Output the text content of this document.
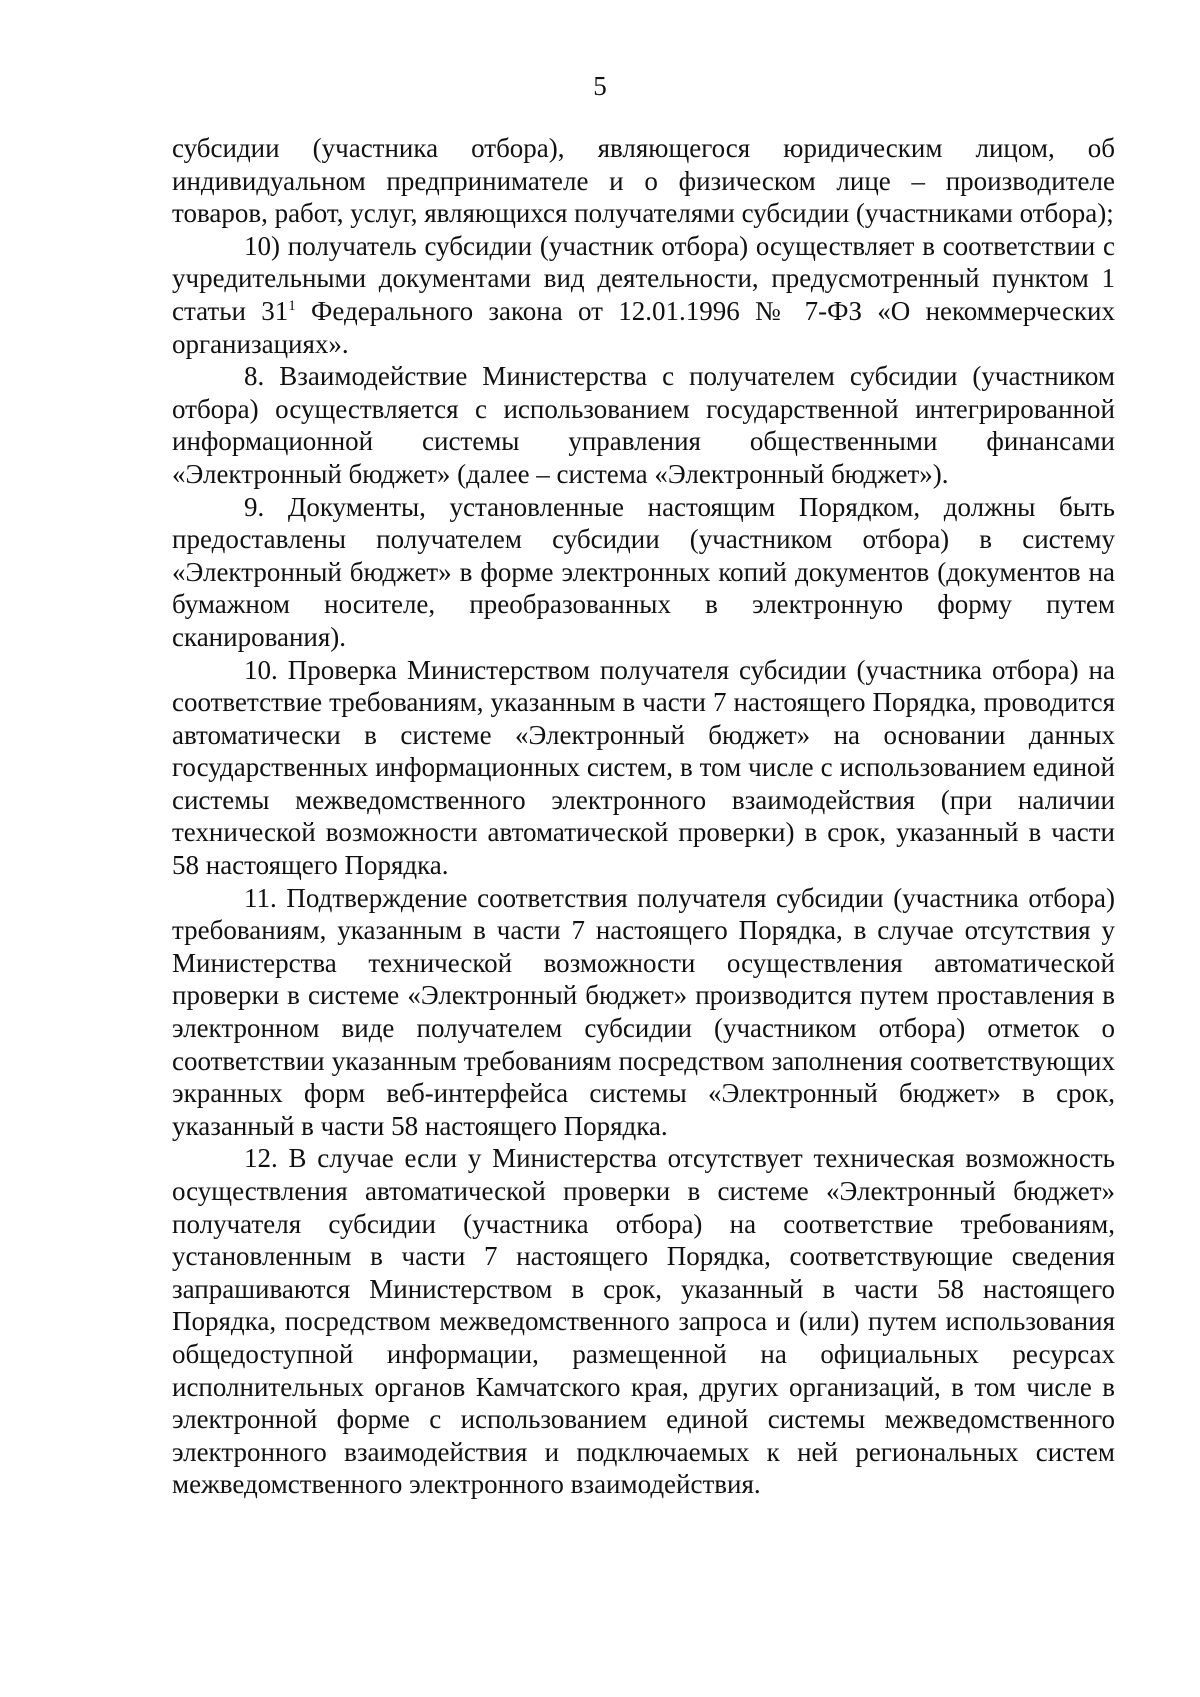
5

субсидии (участника отбора), являющегося юридическим лицом, об индивидуальном предпринимателе и о физическом лице – производителе товаров, работ, услуг, являющихся получателями субсидии (участниками отбора);

10) получатель субсидии (участник отбора) осуществляет в соответствии с учредительными документами вид деятельности, предусмотренный пунктом 1 статьи $31^1$ Федерального закона от 12.01.1996 № 7-ФЗ «О некоммерческих организациях».

8. Взаимодействие Министерства с получателем субсидии (участником отбора) осуществляется с использованием государственной интегрированной информационной системы управления общественными финансами «Электронный бюджет» (далее – система «Электронный бюджет»).

9. Документы, установленные настоящим Порядком, должны быть предоставлены получателем субсидии (участником отбора) в систему «Электронный бюджет» в форме электронных копий документов (документов на бумажном носителе, преобразованных в электронную форму путем сканирования).

10. Проверка Министерством получателя субсидии (участника отбора) на соответствие требованиям, указанным в части 7 настоящего Порядка, проводится автоматически в системе «Электронный бюджет» на основании данных государственных информационных систем, в том числе с использованием единой системы межведомственного электронного взаимодействия (при наличии технической возможности автоматической проверки) в срок, указанный в части 58 настоящего Порядка.

11. Подтверждение соответствия получателя субсидии (участника отбора) требованиям, указанным в части 7 настоящего Порядка, в случае отсутствия у Министерства технической возможности осуществления автоматической проверки в системе «Электронный бюджет» производится путем проставления в электронном виде получателем субсидии (участником отбора) отметок о соответствии указанным требованиям посредством заполнения соответствующих экранных форм веб-интерфейса системы «Электронный бюджет» в срок, указанный в части 58 настоящего Порядка.

12. В случае если у Министерства отсутствует техническая возможность осуществления автоматической проверки в системе «Электронный бюджет» получателя субсидии (участника отбора) на соответствие требованиям, установленным в части 7 настоящего Порядка, соответствующие сведения запрашиваются Министерством в срок, указанный в части 58 настоящего Порядка, посредством межведомственного запроса и (или) путем использования общедоступной информации, размещенной на официальных ресурсах исполнительных органов Камчатского края, других организаций, в том числе в электронной форме с использованием единой системы межведомственного электронного взаимодействия и подключаемых к ней региональных систем межведомственного электронного взаимодействия.
